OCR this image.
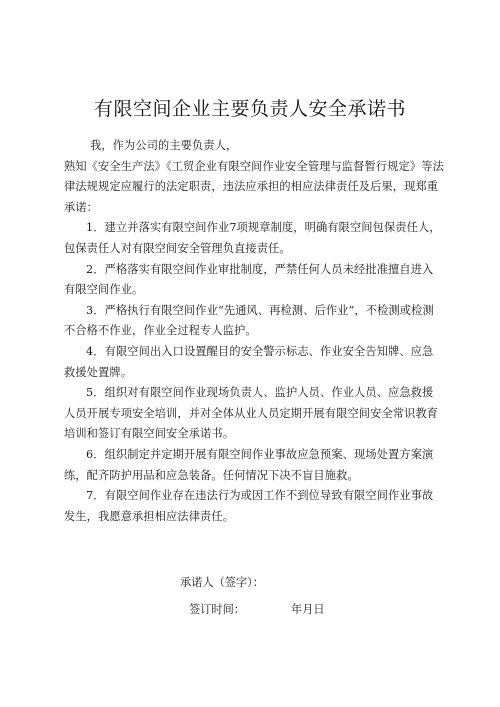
有限空间企业主要负责人安全承诺书

我，作为公司的主要负责人，

熟知《安全生产法》《工贸企业有限空间作业安全管理与监督暂行规定》等法律法规规定应履行的法定职责，违法应承担的相应法律责任及后果，现郑重承诺：

1．建立并落实有限空间作业7项规章制度，明确有限空间包保责任人，包保责任人对有限空间安全管理负直接责任。

2．严格落实有限空间作业审批制度，严禁任何人员未经批准擅自进入有限空间作业。

3．严格执行有限空间作业“先通风、再检测、后作业”，不检测或检测不合格不作业，作业全过程专人监护。

4．有限空间出入口设置醒目的安全警示标志、作业安全告知牌、应急救援处置牌。

5．组织对有限空间作业现场负责人、监护人员、作业人员、应急救援人员开展专项安全培训，并对全体从业人员定期开展有限空间安全常识教育培训和签订有限空间安全承诺书。

6．组织制定并定期开展有限空间作业事故应急预案、现场处置方案演练，配齐防护用品和应急装备。任何情况下决不盲目施救。

7．有限空间作业存在违法行为或因工作不到位导致有限空间作业事故发生，我愿意承担相应法律责任。

承诺人（签字）：
签订时间：	年月日
